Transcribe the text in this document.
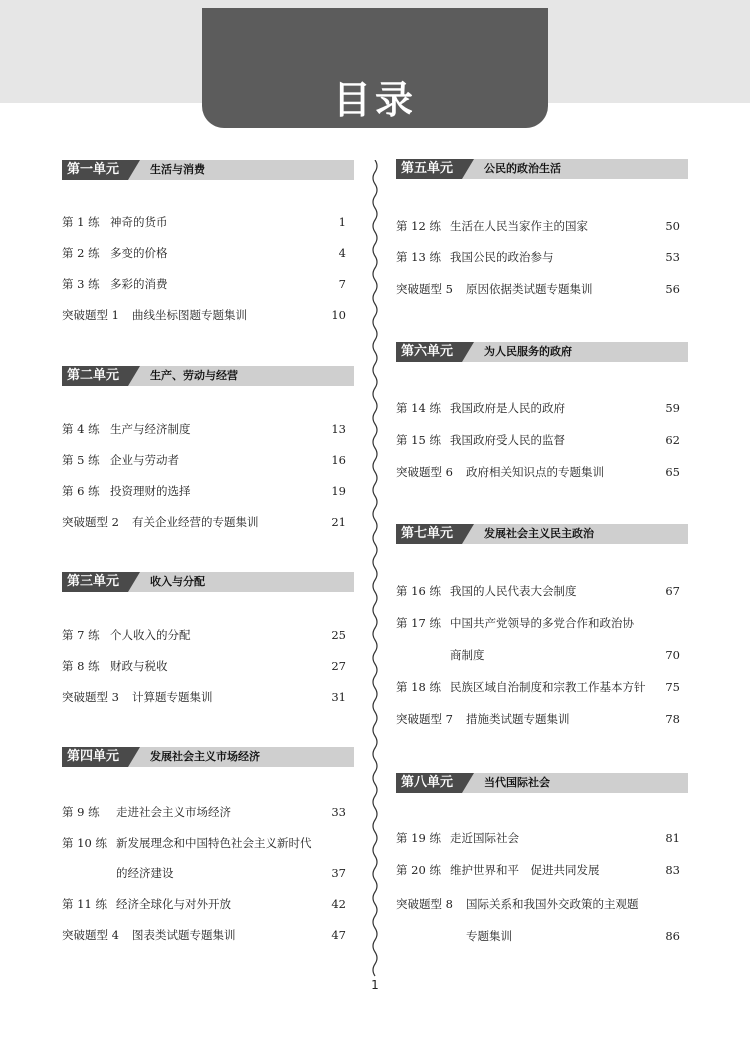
目录
第一单元	生活与消费
第 1 练 神奇的货币	1
第 2 练 多变的价格	4
第 3 练 多彩的消费	7
突破题型 1 曲线坐标图题专题集训	10
第二单元	生产、劳动与经营
第 4 练 生产与经济制度	13
第 5 练 企业与劳动者	16
第 6 练 投资理财的选择	19
突破题型 2 有关企业经营的专题集训	21
第三单元	收入与分配
第 7 练 个人收入的分配	25
第 8 练 财政与税收	27
突破题型 3 计算题专题集训	31
第四单元	发展社会主义市场经济
第 9 练 走进社会主义市场经济	33
第 10 练 新发展理念和中国特色社会主义新时代
的经济建设	37
第 11 练 经济全球化与对外开放	42
突破题型 4 图表类试题专题集训	47
第五单元	公民的政治生活
第 12 练 生活在人民当家作主的国家	50
第 13 练 我国公民的政治参与	53
突破题型 5 原因依据类试题专题集训	56
第六单元	为人民服务的政府
第 14 练 我国政府是人民的政府	59
第 15 练 我国政府受人民的监督	62
突破题型 6 政府相关知识点的专题集训	65
第七单元	发展社会主义民主政治
第 16 练 我国的人民代表大会制度	67
第 17 练 中国共产党领导的多党合作和政治协
商制度	70
第 18 练 民族区域自治制度和宗教工作基本方针 75
突破题型 7 措施类试题专题集训	78
第八单元	当代国际社会
第 19 练 走近国际社会	81
第 20 练 维护世界和平　促进共同发展	83
突破题型 8 国际关系和我国外交政策的主观题
专题集训	86
1
